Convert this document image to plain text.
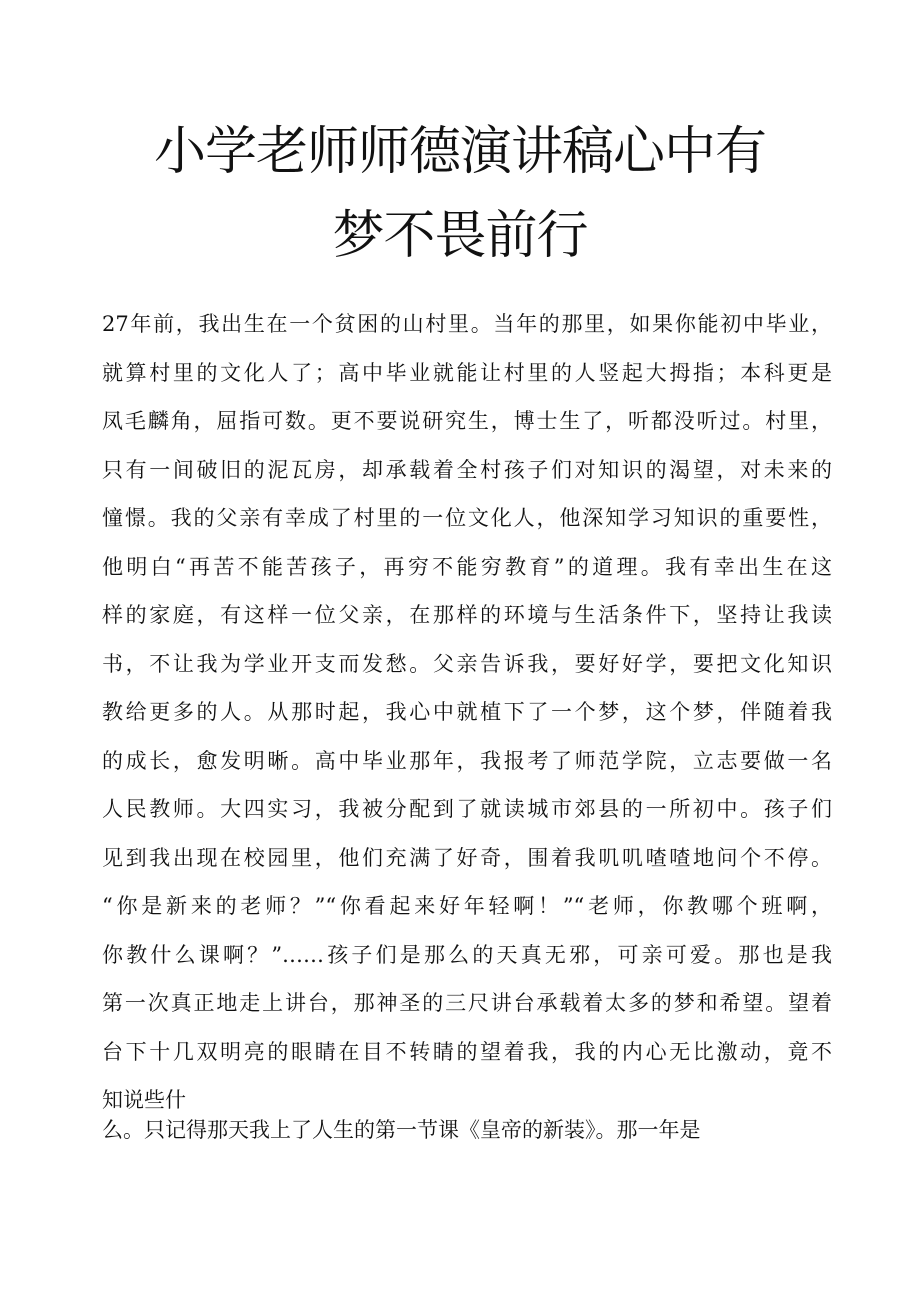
小学老师师德演讲稿心中有
梦不畏前行
27年前，我出生在一个贫困的山村里。当年的那里，如果你能初中毕业，
就算村里的文化人了；高中毕业就能让村里的人竖起大拇指；本科更是
凤毛麟角，屈指可数。更不要说研究生，博士生了，听都没听过。村里，
只有一间破旧的泥瓦房，却承载着全村孩子们对知识的渴望，对未来的
憧憬。我的父亲有幸成了村里的一位文化人，他深知学习知识的重要性，
他明白“再苦不能苦孩子，再穷不能穷教育”的道理。我有幸出生在这
样的家庭，有这样一位父亲，在那样的环境与生活条件下，坚持让我读
书，不让我为学业开支而发愁。父亲告诉我，要好好学，要把文化知识
教给更多的人。从那时起，我心中就植下了一个梦，这个梦，伴随着我
的成长，愈发明晰。高中毕业那年，我报考了师范学院，立志要做一名
人民教师。大四实习，我被分配到了就读城市郊县的一所初中。孩子们
见到我出现在校园里，他们充满了好奇，围着我叽叽喳喳地问个不停。
“你是新来的老师？”“你看起来好年轻啊！”“老师，你教哪个班啊，
你教什么课啊？”……孩子们是那么的天真无邪，可亲可爱。那也是我
第一次真正地走上讲台，那神圣的三尺讲台承载着太多的梦和希望。望着
台下十几双明亮的眼睛在目不转睛的望着我，我的内心无比激动，竟不
知说些什
么。只记得那天我上了人生的第一节课《皇帝的新装》。那一年是
